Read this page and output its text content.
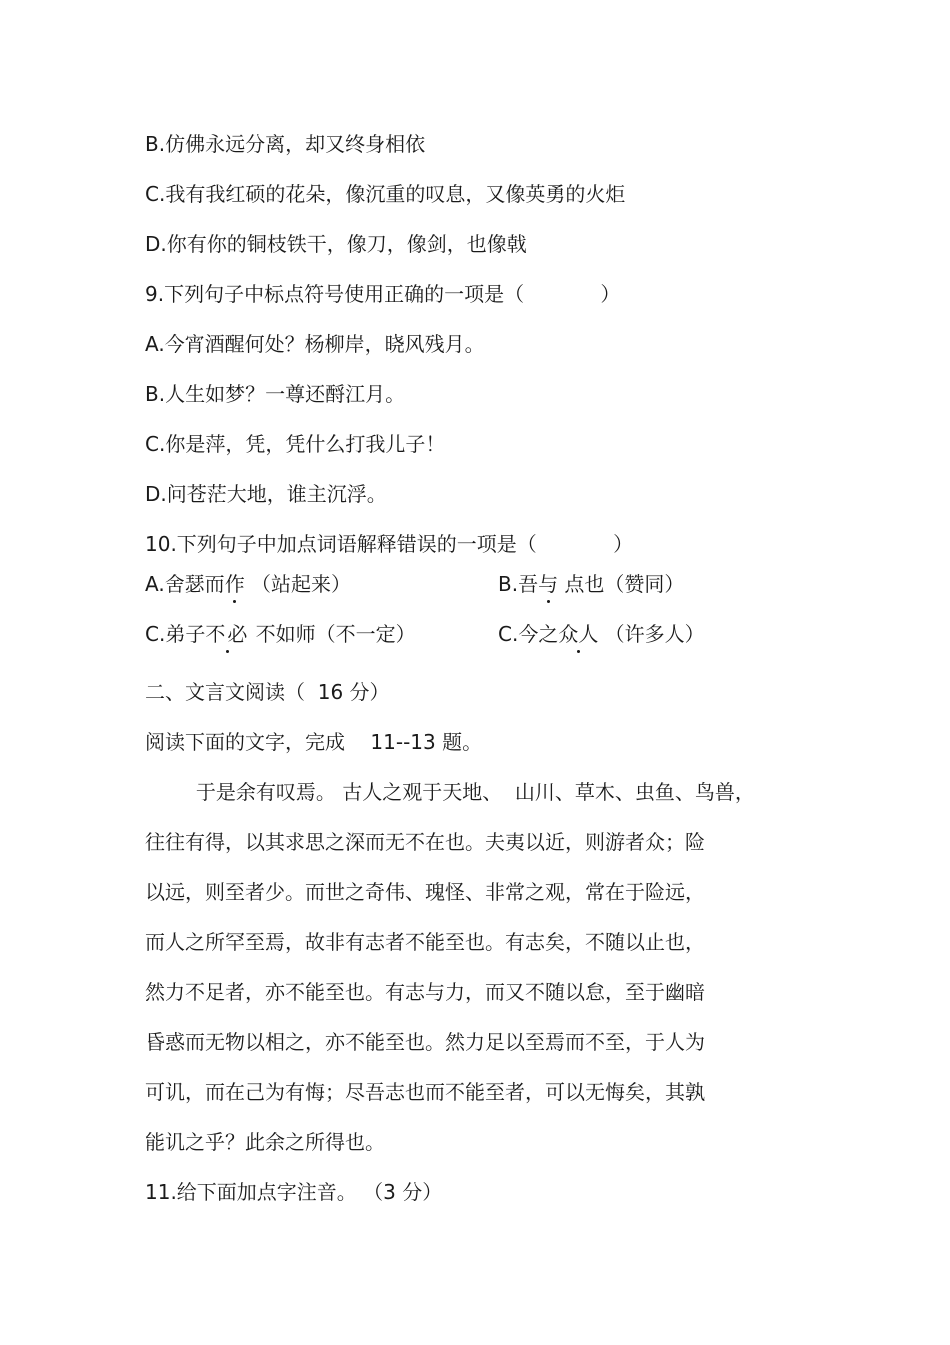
B.仿佛永远分离，却又终身相依
C.我有我红硕的花朵，像沉重的叹息，又像英勇的火炬
D.你有你的铜枝铁干，像刀，像剑，也像戟
9.下列句子中标点符号使用正确的一项是（            ）
A.今宵酒醒何处？杨柳岸，晓风残月。
B.人生如梦？一尊还酹江月。
C.你是萍，凭，凭什么打我儿子！
D.问苍茫大地，谁主沉浮。
10.下列句子中加点词语解释错误的一项是（            ）
A.舍瑟而作 （站起来）	B.吾与 点也（赞同）
C.弟子不必 不如师（不一定）	C.今之众人 （许多人）
二、文言文阅读（  16 分）
阅读下面的文字，完成    11--13 题。
于是余有叹焉。 古人之观于天地、  山川、草木、虫鱼、鸟兽，
往往有得，以其求思之深而无不在也。夫夷以近，则游者众；险
以远，则至者少。而世之奇伟、瑰怪、非常之观，常在于险远，
而人之所罕至焉，故非有志者不能至也。有志矣，不随以止也，
然力不足者，亦不能至也。有志与力，而又不随以怠，至于幽暗
昏惑而无物以相之，亦不能至也。然力足以至焉而不至，于人为
可讥，而在己为有悔；尽吾志也而不能至者，可以无悔矣，其孰
能讥之乎？此余之所得也。
11.给下面加点字注音。 （3 分）
